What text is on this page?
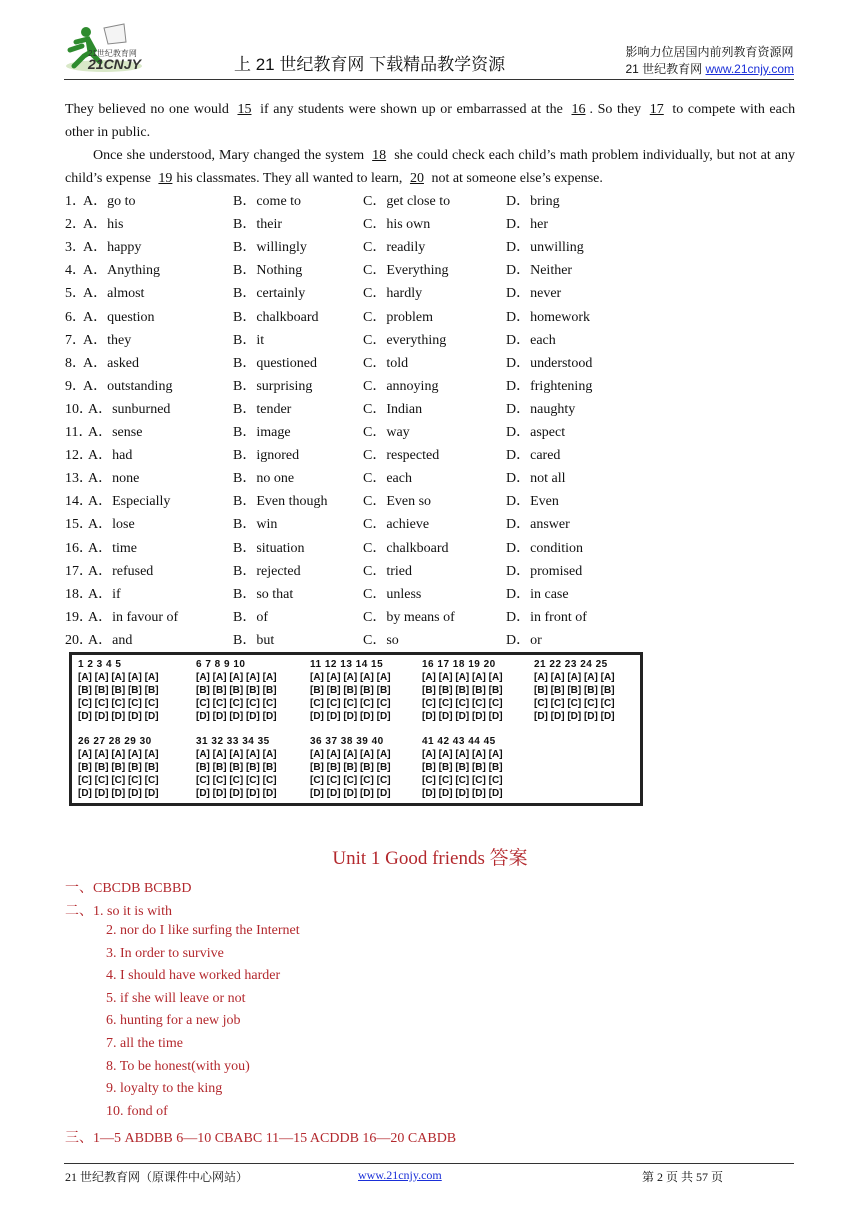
21世纪教育网
21CNJY	上 21 世纪教育网 下载精品教学资源
影响力位居国内前列教育资源网
21 世纪教育网 www.21cnjy.com
They believed no one would 15 if any students were shown up or embarrassed at the 16 . So they 17 to compete with each other in public.
Once she understood, Mary changed the system 18 she could check each child’s math problem individually, but not at any child’s expense 19 his classmates. They all wanted to learn, 20 not at someone else’s expense.
1．
A．go to	B．come to	C．get close to	D．bring
2．
A．his	B．their	C．his own	D．her
3．
A．happy	B．willingly	C．readily	D．unwilling
4．
A．Anything	B．Nothing	C．Everything	D．Neither
5．
A．almost	B．certainly	C．hardly	D．never
6．
A．question	B．chalkboard	C．problem	D．homework
7．
A．they	B．it	C．everything	D．each
8．
A．asked	B．questioned	C．told	D．understood
9．
A．outstanding	B．surprising	C．annoying	D．frightening
10．
A．sunburned	B．tender	C．Indian	D．naughty
11．
A．sense	B．image	C．way	D．aspect
12．
A．had	B．ignored	C．respected	D．cared
13．
A．none	B．no one	C．each	D．not all
14．
A．Especially	B．Even though	C．Even so	D．Even
15．
A．lose	B．win	C．achieve	D．answer
16．
A．time	B．situation	C．chalkboard	D．condition
17．
A．refused	B．rejected	C．tried	D．promised
18．
A．if	B．so that	C．unless	D．in case
19．
A．in favour of	B．of	C．by means of	D．in front of
20．
A．and	B．but	C．so	D．or
1 2 3 4 5
[A] [A] [A] [A] [A]
[B] [B] [B] [B] [B]
[C] [C] [C] [C] [C]
[D] [D] [D] [D] [D]
6 7 8 9 10
[A] [A] [A] [A] [A]
[B] [B] [B] [B] [B]
[C] [C] [C] [C] [C]
[D] [D] [D] [D] [D]
11 12 13 14 15
[A] [A] [A] [A] [A]
[B] [B] [B] [B] [B]
[C] [C] [C] [C] [C]
[D] [D] [D] [D] [D]
16 17 18 19 20
[A] [A] [A] [A] [A]
[B] [B] [B] [B] [B]
[C] [C] [C] [C] [C]
[D] [D] [D] [D] [D]
21 22 23 24 25
[A] [A] [A] [A] [A]
[B] [B] [B] [B] [B]
[C] [C] [C] [C] [C]
[D] [D] [D] [D] [D]
26 27 28 29 30
[A] [A] [A] [A] [A]
[B] [B] [B] [B] [B]
[C] [C] [C] [C] [C]
[D] [D] [D] [D] [D]
31 32 33 34 35
[A] [A] [A] [A] [A]
[B] [B] [B] [B] [B]
[C] [C] [C] [C] [C]
[D] [D] [D] [D] [D]
36 37 38 39 40
[A] [A] [A] [A] [A]
[B] [B] [B] [B] [B]
[C] [C] [C] [C] [C]
[D] [D] [D] [D] [D]
41 42 43 44 45
[A] [A] [A] [A] [A]
[B] [B] [B] [B] [B]
[C] [C] [C] [C] [C]
[D] [D] [D] [D] [D]
Unit 1 Good friends 答案
一、CBCDB BCBBD
二、1. so it is with
2. nor do I like surfing the Internet
3. In order to survive
4. I should have worked harder
5. if she will leave or not
6. hunting for a new job
7. all the time
8. To be honest(with you)
9. loyalty to the king
10. fond of
三、1—5 ABDBB 6—10 CBABC 11—15 ACDDB 16—20 CABDB
21 世纪教育网（原课件中心网站）	www.21cnjy.com	第 2 页 共 57 页
